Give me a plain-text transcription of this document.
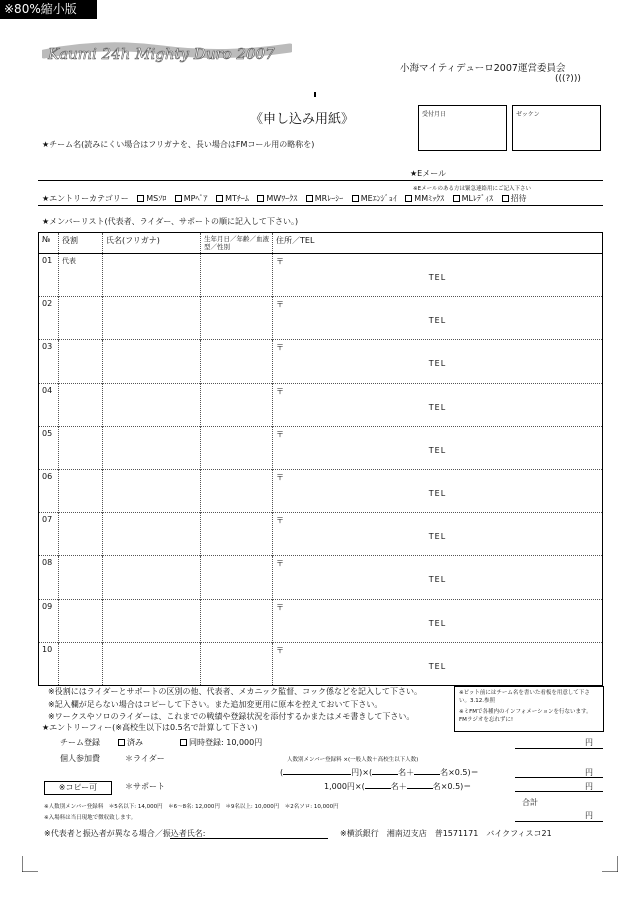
※80%縮小版
Kaumi 24h Mighty Duro 2007
小海マイティデューロ2007運営委員会
(((?)))
《申し込み用紙》	受付月日	ゼッケン
★チーム名(読みにくい場合はフリガナを、長い場合はFMコール用の略称を)
★Eメール
※Eメールのある方は緊急連絡用にご記入下さい
★エントリーカテゴリー MSｿﾛ MPﾍﾟｱ MTﾁｰﾑ MWﾜｰｸｽ MRﾚｰｼｰ MEｴﾝｼﾞｮｲ MMﾐｯｸｽ MLﾚﾃﾞｨｽ 招待
★メンバーリスト(代表者、ライダー、サポートの順に記入して下さい。)
№	役割	氏名(フリガナ)	生年月日／年齢／血液型／性別	住所／TEL
01	代表			〒
TEL

02				〒
TEL

03				〒
TEL

04				〒
TEL

05				〒
TEL

06				〒
TEL

07				〒
TEL

08				〒
TEL

09				〒
TEL

10				〒
TEL
※役割にはライダーとサポートの区別の他、代表者、メカニック監督、コック係などを記入して下さい。
※記入欄が足らない場合はコピーして下さい。また追加変更用に原本を控えておいて下さい。
※ワークスやソロのライダーは、これまでの戦績や登録状況を添付するかまたはメモ書きして下さい。
※ピット前にはチーム名を書いた看板を用意して下さい。3.12.参照
※ミFMで各種内のインフォメーションを行ないます。FMラジオを忘れずに!
★エントリーフィー(※高校生以下は0.5名で計算して下さい)
チーム登録	済み	同時登録: 10,000円	円
個人参加費	＊ライダー	人数別メンバー登録料 ×(一般人数＋高校生以下人数)
(	円)×(	名＋	名×0.5)＝	円
※コピー可	＊サポート	1,000円×(	名＋	名×0.5)＝	円
合計
※人数別メンバー登録料　＊5名以下: 14,000円　＊6〜8名: 12,000円　＊9名以上: 10,000円　＊2名ソロ: 10,000円
円
※入場料は当日現地で徴収致します。
※代表者と振込者が異なる場合／振込者氏名:	※横浜銀行　湘南辺支店　普1571171　バイクフィスコ21
